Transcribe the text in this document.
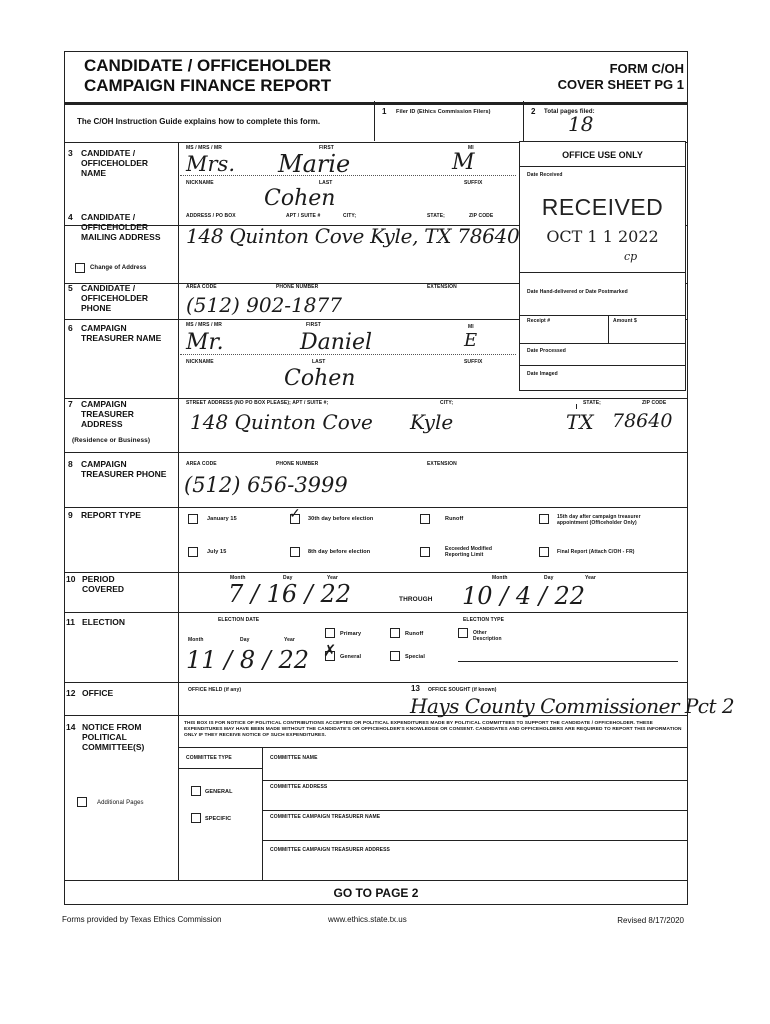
CANDIDATE / OFFICEHOLDER
CAMPAIGN FINANCE REPORT
FORM C/OH
COVER SHEET PG 1
The C/OH Instruction Guide explains how to complete this form.
1 Filer ID (Ethics Commission Filers)	2 Total pages filed:
18
OFFICE USE ONLY
Date Received
RECEIVED
OCT 1 1 2022
cp
Date Hand-delivered or Date Postmarked
Receipt #	Amount $
Date Processed
Date Imaged
3 CANDIDATE / OFFICEHOLDER NAME
MS / MRS / MR	FIRST	MI
Mrs. Marie	M
NICKNAME	LAST	SUFFIX
Cohen
4 CANDIDATE / OFFICEHOLDER MAILING ADDRESS
Change of Address
ADDRESS / PO BOX	APT / SUITE #	CITY;	STATE;	ZIP CODE
148 Quinton Cove Kyle, TX 78640
5 CANDIDATE / OFFICEHOLDER PHONE
AREA CODE	PHONE NUMBER	EXTENSION
(512) 902-1877
6 CAMPAIGN TREASURER NAME
MS / MRS / MR	FIRST	MI
Mr.	Daniel	E
NICKNAME	LAST	SUFFIX
Cohen
7 CAMPAIGN TREASURER ADDRESS
(Residence or Business)
STREET ADDRESS (NO PO BOX PLEASE); APT / SUITE #;	CITY;	STATE;	ZIP CODE
148 Quinton Cove Kyle	TX 78640
8 CAMPAIGN TREASURER PHONE
AREA CODE	PHONE NUMBER	EXTENSION
(512) 656-3999
9 REPORT TYPE	January 15	✓ 30th day before election	Runoff	15th day after campaign treasurer appointment (Officeholder Only)
July 15	8th day before election	Exceeded Modified Reporting Limit	Final Report (Attach C/OH - FR)
10 PERIOD COVERED
Month	Day	Year
7 / 16 / 22	THROUGH
Month	Day	Year
10 / 4 / 22
11 ELECTION	ELECTION DATE
Month	Day	Year
11 / 8 / 22
ELECTION TYPE
Primary	Runoff	Other Description
✗ General	Special
12 OFFICE	OFFICE HELD (if any)	13 OFFICE SOUGHT (if known)
Hays County Commissioner Pct 2
14 NOTICE FROM POLITICAL COMMITTEE(S)
THIS BOX IS FOR NOTICE OF POLITICAL CONTRIBUTIONS ACCEPTED OR POLITICAL EXPENDITURES MADE BY POLITICAL COMMITTEES TO SUPPORT THE CANDIDATE / OFFICEHOLDER. THESE EXPENDITURES MAY HAVE BEEN MADE WITHOUT THE CANDIDATE'S OR OFFICEHOLDER'S KNOWLEDGE OR CONSENT. CANDIDATES AND OFFICEHOLDERS ARE REQUIRED TO REPORT THIS INFORMATION ONLY IF THEY RECEIVE NOTICE OF SUCH EXPENDITURES.
COMMITTEE TYPE	COMMITTEE NAME
COMMITTEE ADDRESS
COMMITTEE CAMPAIGN TREASURER NAME
COMMITTEE CAMPAIGN TREASURER ADDRESS
GENERAL
SPECIFIC
Additional Pages
GO TO PAGE 2
Forms provided by Texas Ethics Commission	www.ethics.state.tx.us	Revised 8/17/2020
